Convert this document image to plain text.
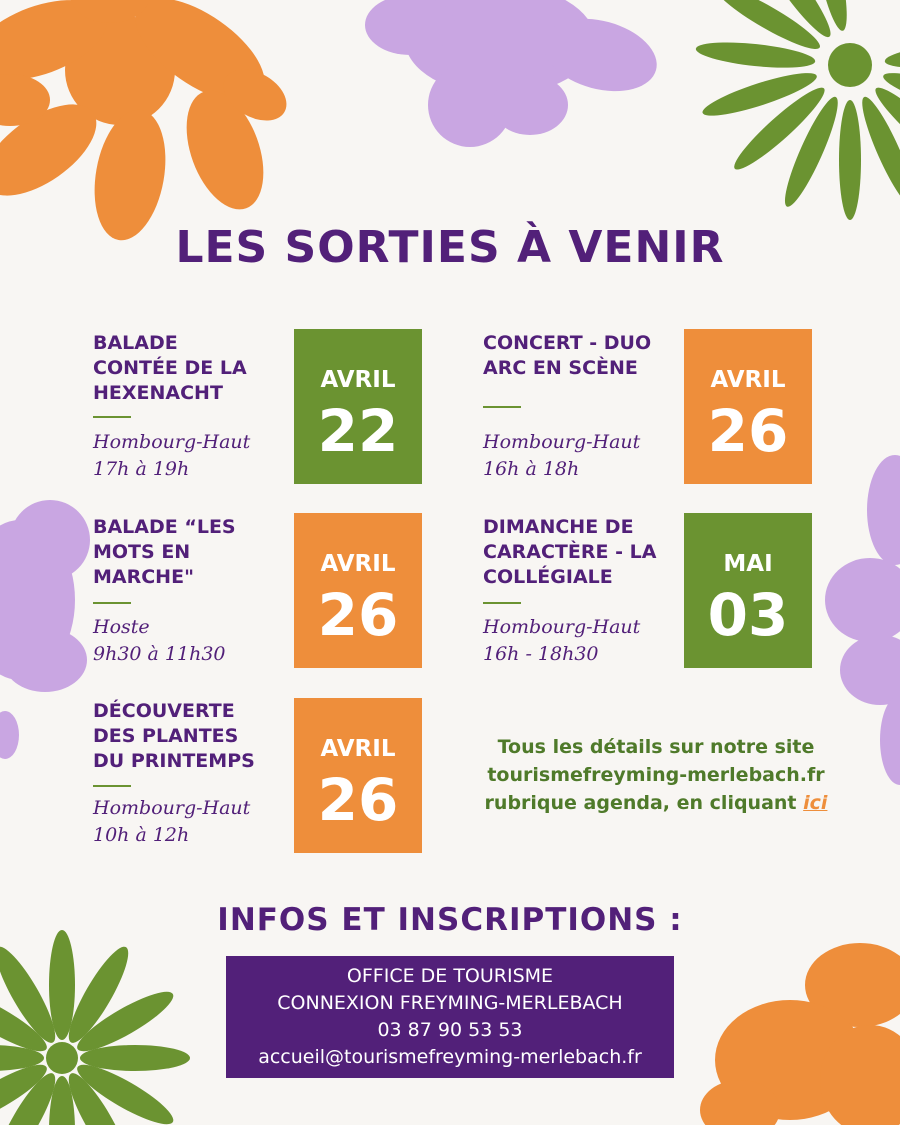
LES SORTIES À VENIR
BALADE
CONTÉE DE LA
HEXENACHT
Hombourg-Haut
17h à 19h
AVRIL
22
CONCERT - DUO
ARC EN SCÈNE
Hombourg-Haut
16h à 18h
AVRIL
26
BALADE “LES
MOTS EN
MARCHE"
Hoste
9h30 à 11h30
AVRIL
26
DIMANCHE DE
CARACTÈRE - LA
COLLÉGIALE
Hombourg-Haut
16h - 18h30
MAI
03
DÉCOUVERTE
DES PLANTES
DU PRINTEMPS
Hombourg-Haut
10h à 12h
AVRIL
26
Tous les détails sur notre site
tourismefreyming-merlebach.fr
rubrique agenda, en cliquant ici
INFOS ET INSCRIPTIONS :
OFFICE DE TOURISME
CONNEXION FREYMING-MERLEBACH
03 87 90 53 53
accueil@tourismefreyming-merlebach.fr
